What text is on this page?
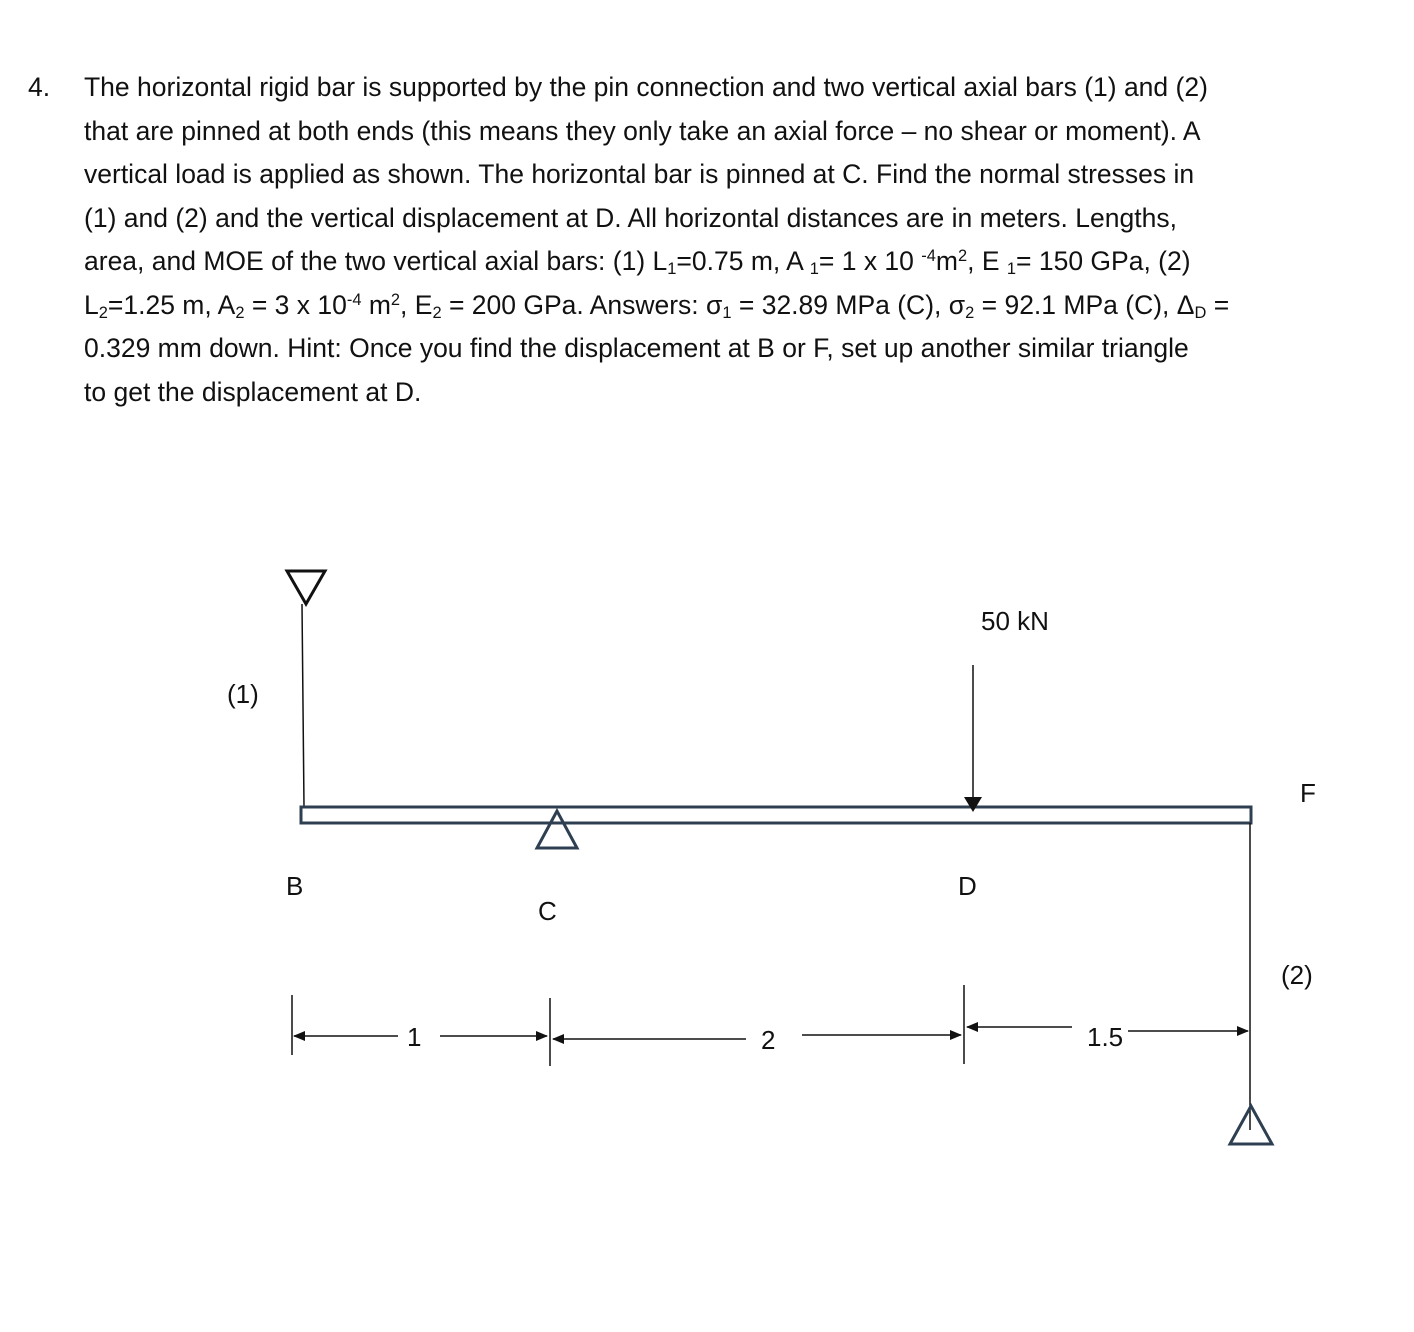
4. The horizontal rigid bar is supported by the pin connection and two vertical axial bars (1) and (2)
that are pinned at both ends (this means they only take an axial force – no shear or moment). A
vertical load is applied as shown. The horizontal bar is pinned at C. Find the normal stresses in
(1) and (2) and the vertical displacement at D. All horizontal distances are in meters. Lengths,
area, and MOE of the two vertical axial bars: (1) $L_1=0.75$ m, A $_1$= 1 x 10 $^{-4}m^2$, E $_1$= 150 GPa, (2)
$L_2=1.25$ m, $A_2 = 3$ x $10^{-4}$ $m^2$, $E_2 = 200$ GPa. Answers: $\sigma_1 = 32.89$ MPa (C), $\sigma_2 = 92.1$ MPa (C), $\Delta_D$ =
0.329 mm down. Hint: Once you find the displacement at B or F, set up another similar triangle
to get the displacement at D.
(1)
50 kN
(2)
B
C
D
F
1	2	1.5
